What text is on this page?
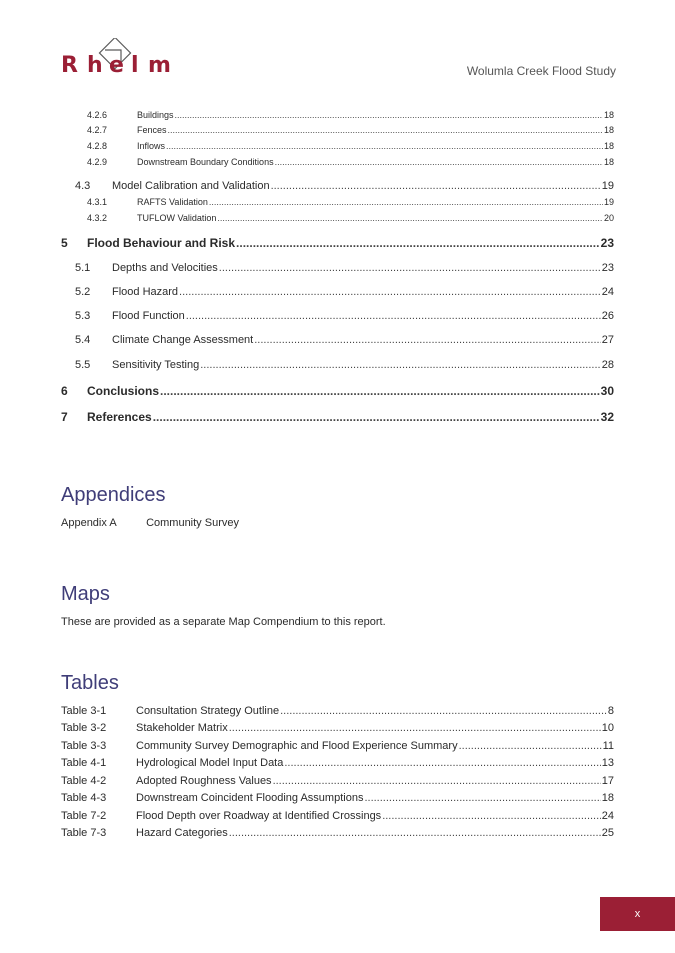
R h e l m	Wolumla Creek Flood Study
4.2.6	Buildings .....	18
4.2.7	Fences .....	18
4.2.8	Inflows .....	18
4.2.9	Downstream Boundary Conditions .....	18
4.3	Model Calibration and Validation .....	19
4.3.1	RAFTS Validation .....	19
4.3.2	TUFLOW Validation .....	20
5	Flood Behaviour and Risk .....	23
5.1	Depths and Velocities .....	23
5.2	Flood Hazard .....	24
5.3	Flood Function .....	26
5.4	Climate Change Assessment .....	27
5.5	Sensitivity Testing .....	28
6	Conclusions .....	30
7	References .....	32
Appendices
Appendix A	Community Survey
Maps
These are provided as a separate Map Compendium to this report.
Tables
Table 3-1	Consultation Strategy Outline .....	8
Table 3-2	Stakeholder Matrix .....	10
Table 3-3	Community Survey Demographic and Flood Experience Summary .....	11
Table 4-1	Hydrological Model Input Data .....	13
Table 4-2	Adopted Roughness Values .....	17
Table 4-3	Downstream Coincident Flooding Assumptions .....	18
Table 7-2	Flood Depth over Roadway at Identified Crossings .....	24
Table 7-3	Hazard Categories .....	25
x
